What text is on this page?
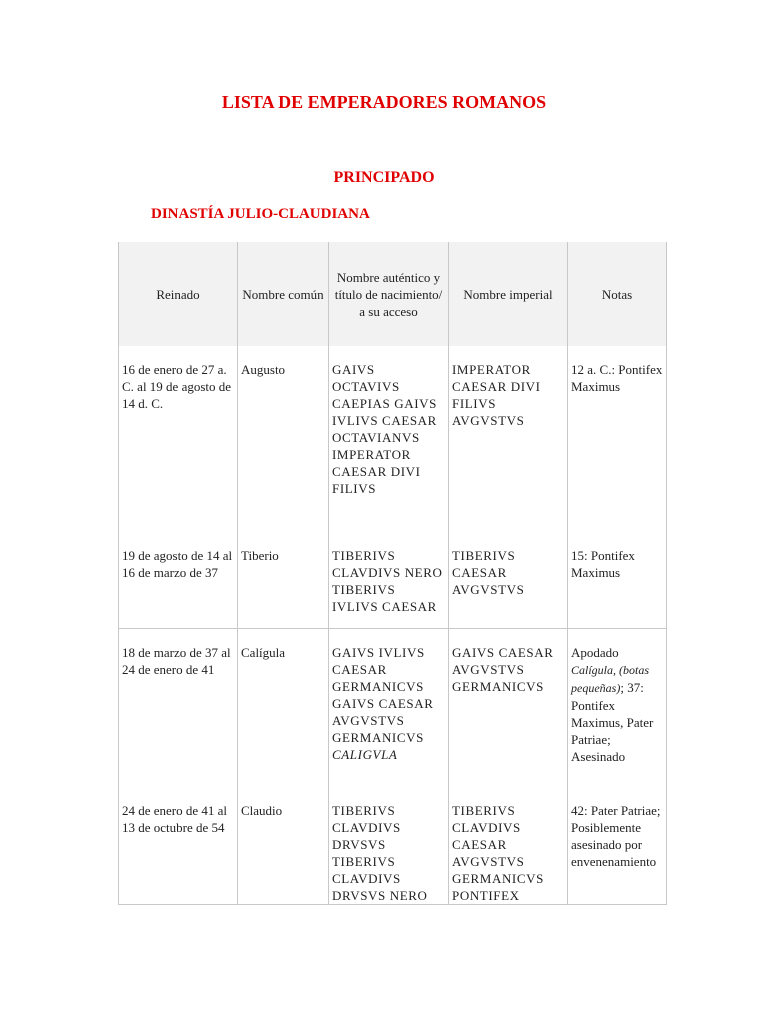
LISTA DE EMPERADORES ROMANOS
PRINCIPADO
DINASTÍA JULIO-CLAUDIANA
Reinado	Nombre común	Nombre auténtico y título de nacimiento/ a su acceso	Nombre imperial	Notas
16 de enero de 27 a. C. al 19 de agosto de 14 d. C.	Augusto	GAIVS OCTAVIVS CAEPIAS GAIVS IVLIVS CAESAR OCTAVIANVS IMPERATOR CAESAR DIVI FILIVS	IMPERATOR CAESAR DIVI FILIVS AVGVSTVS	12 a. C.: Pontifex Maximus
19 de agosto de 14 al 16 de marzo de 37	Tiberio	TIBERIVS CLAVDIVS NERO TIBERIVS IVLIVS CAESAR	TIBERIVS CAESAR AVGVSTVS	15: Pontifex Maximus
18 de marzo de 37 al 24 de enero de 41	Calígula	GAIVS IVLIVS CAESAR GERMANICVS GAIVS CAESAR AVGVSTVS GERMANICVS CALIGVLA	GAIVS CAESAR AVGVSTVS GERMANICVS	Apodado Calígula, (botas pequeñas); 37: Pontifex Maximus, Pater Patriae; Asesinado
24 de enero de 41 al 13 de octubre de 54	Claudio	TIBERIVS CLAVDIVS DRVSVS TIBERIVS CLAVDIVS DRVSVS NERO	TIBERIVS CLAVDIVS CAESAR AVGVSTVS GERMANICVS PONTIFEX	42: Pater Patriae; Posiblemente asesinado por envenenamiento
